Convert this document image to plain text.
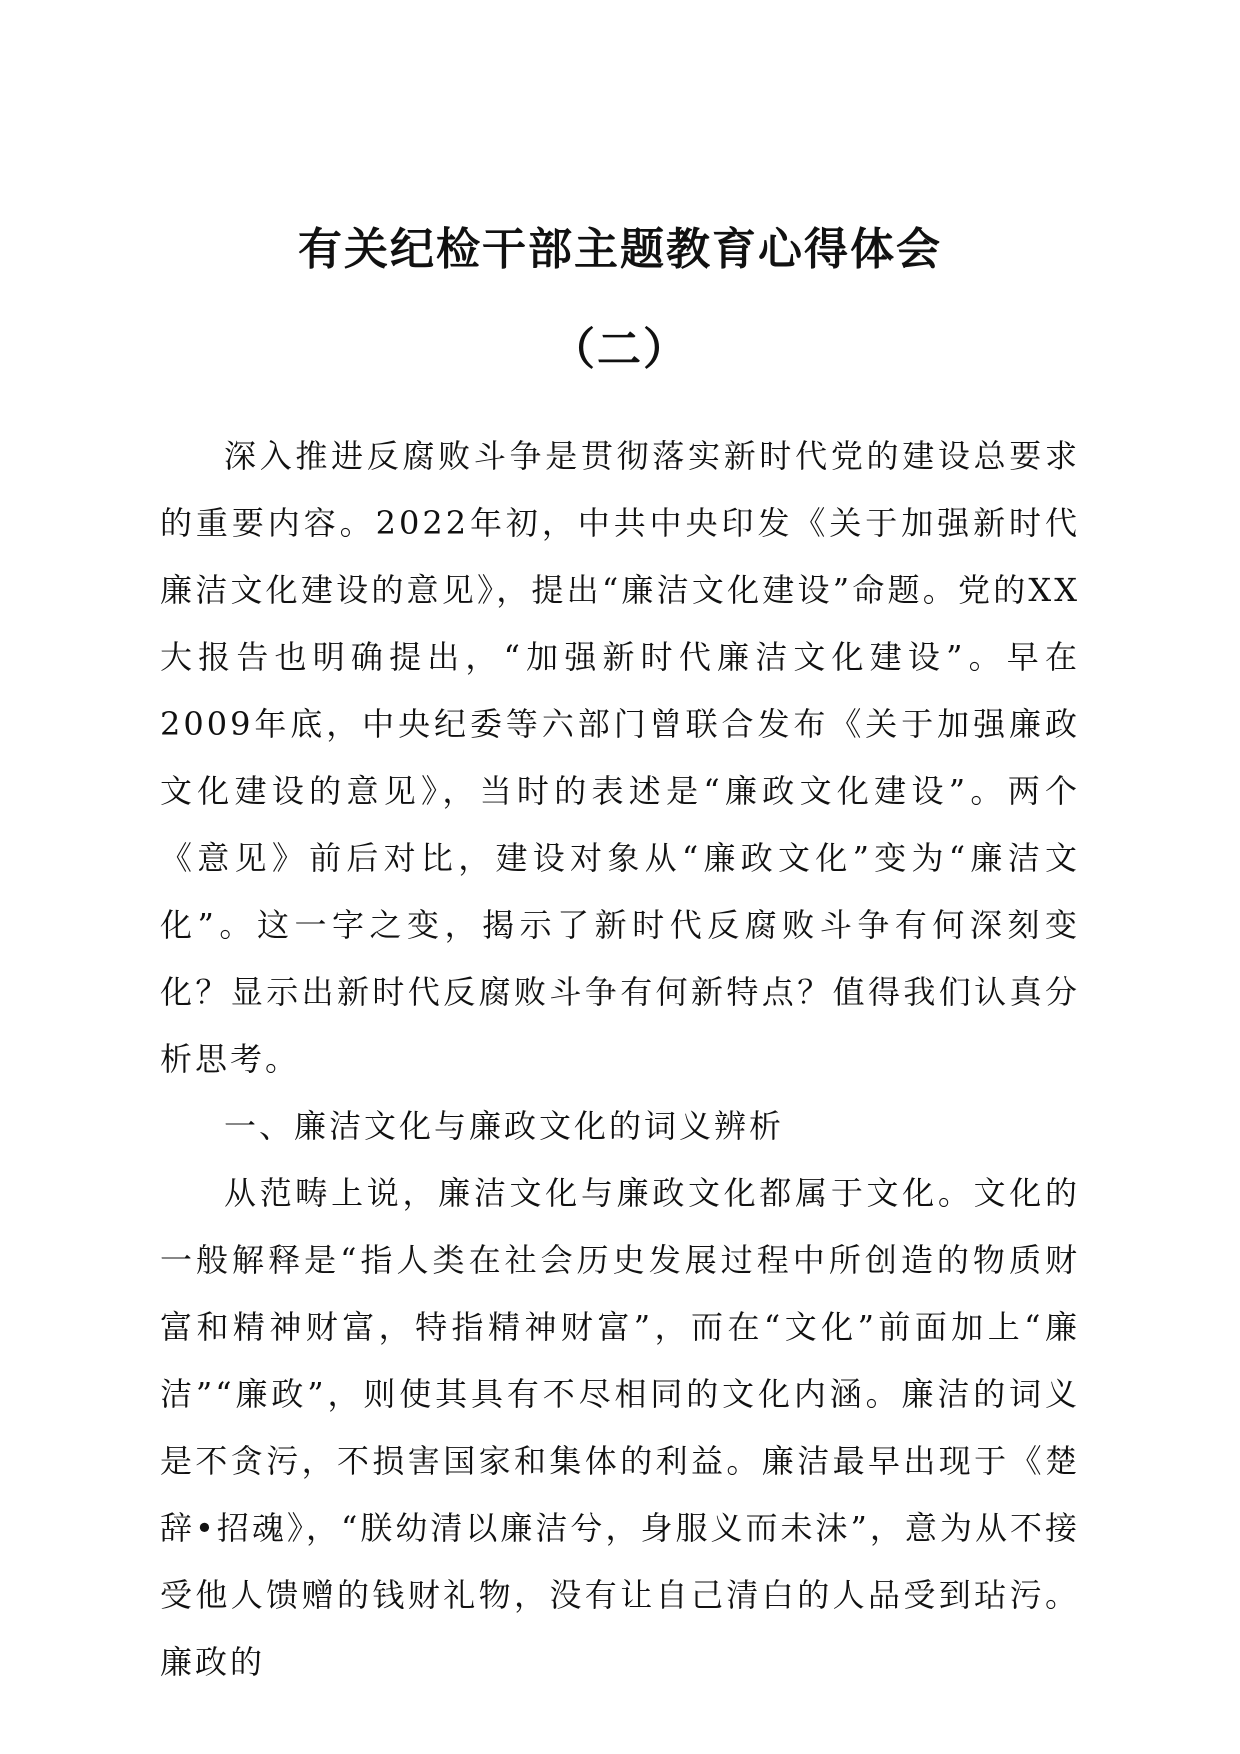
有关纪检干部主题教育心得体会
（二）

深入推进反腐败斗争是贯彻落实新时代党的建设总要求的重要内容。2022年初，中共中央印发《关于加强新时代廉洁文化建设的意见》，提出“廉洁文化建设”命题。党的XX大报告也明确提出，“加强新时代廉洁文化建设”。早在2009年底，中央纪委等六部门曾联合发布《关于加强廉政文化建设的意见》，当时的表述是“廉政文化建设”。两个《意见》前后对比，建设对象从“廉政文化”变为“廉洁文化”。这一字之变，揭示了新时代反腐败斗争有何深刻变化？显示出新时代反腐败斗争有何新特点？值得我们认真分析思考。

一、廉洁文化与廉政文化的词义辨析

从范畴上说，廉洁文化与廉政文化都属于文化。文化的一般解释是“指人类在社会历史发展过程中所创造的物质财富和精神财富，特指精神财富”，而在“文化”前面加上“廉洁”“廉政”，则使其具有不尽相同的文化内涵。廉洁的词义是不贪污，不损害国家和集体的利益。廉洁最早出现于《楚辞•招魂》，“朕幼清以廉洁兮，身服义而未沬”，意为从不接受他人馈赠的钱财礼物，没有让自己清白的人品受到玷污。廉政的
